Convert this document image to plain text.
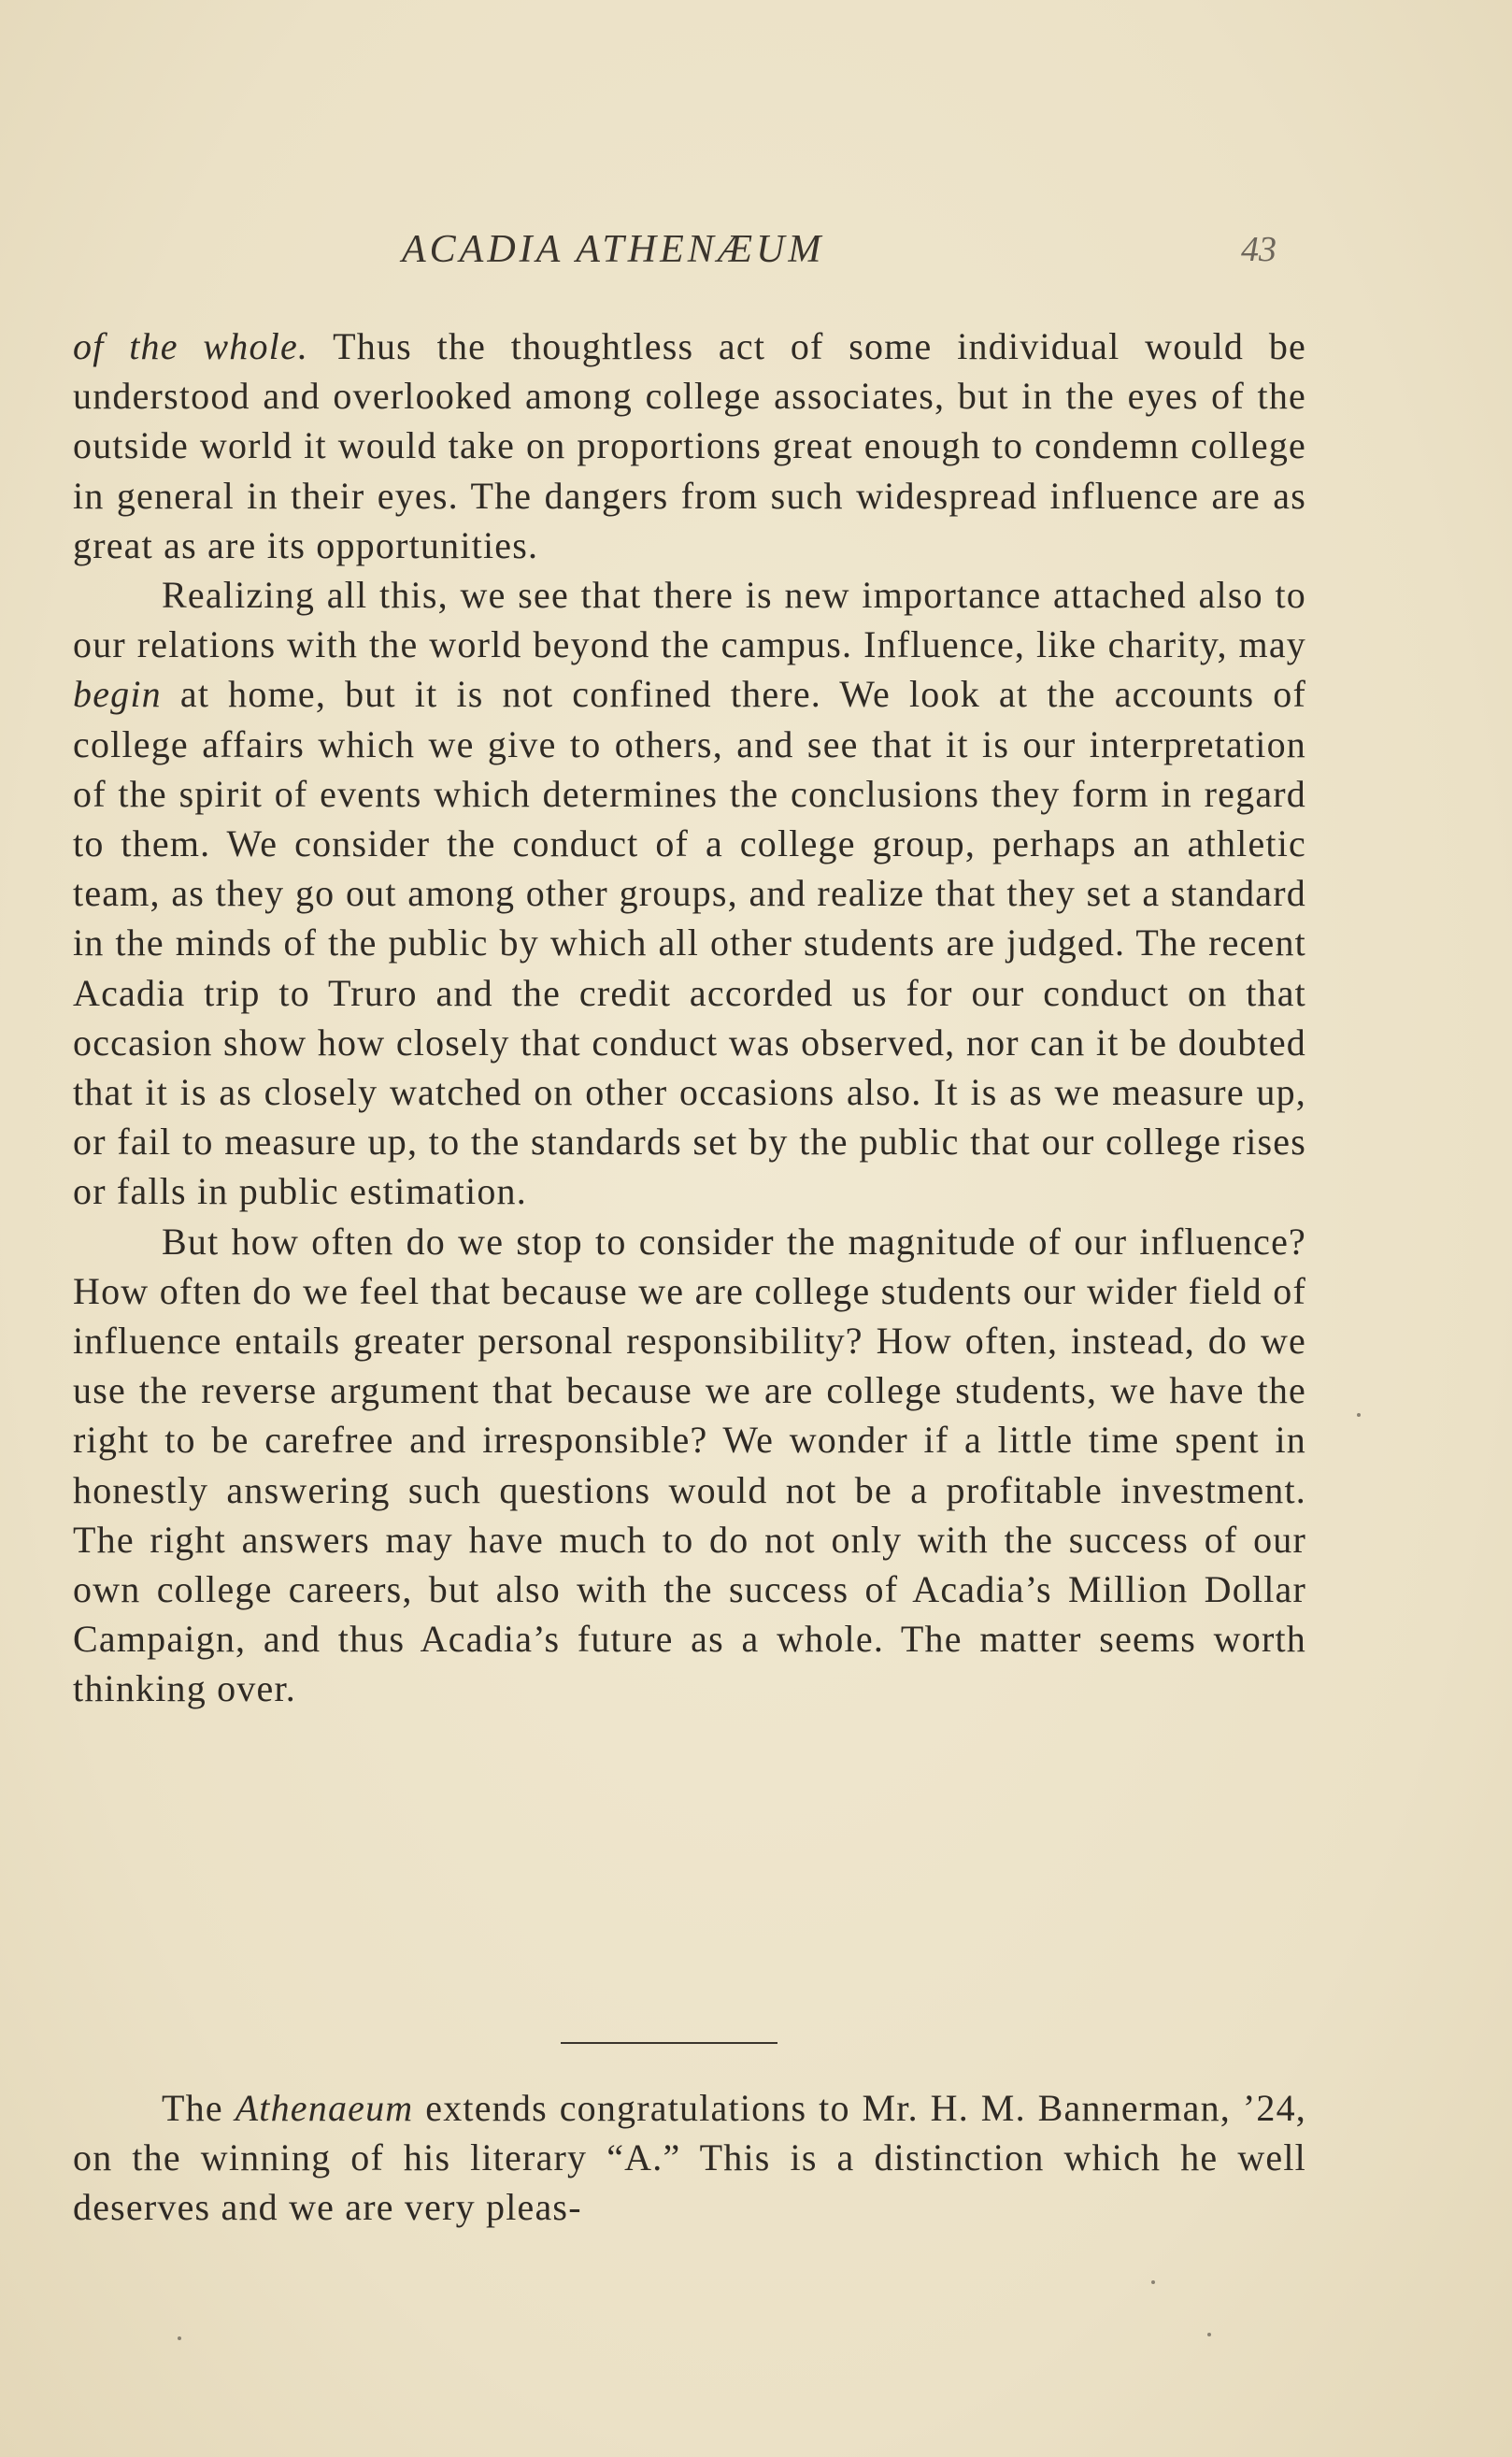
ACADIA ATHENÆUM	43

of the whole. Thus the thoughtless act of some individual would be understood and overlooked among college associates, but in the eyes of the outside world it would take on proportions great enough to condemn college in general in their eyes. The dangers from such widespread influence are as great as are its opportunities.

Realizing all this, we see that there is new importance attached also to our relations with the world beyond the campus. Influence, like charity, may begin at home, but it is not confined there. We look at the accounts of college affairs which we give to others, and see that it is our interpretation of the spirit of events which determines the conclusions they form in regard to them. We consider the conduct of a college group, perhaps an athletic team, as they go out among other groups, and realize that they set a standard in the minds of the public by which all other students are judged. The recent Acadia trip to Truro and the credit accorded us for our conduct on that occasion show how closely that conduct was observed, nor can it be doubted that it is as closely watched on other occasions also. It is as we measure up, or fail to measure up, to the standards set by the public that our college rises or falls in public estimation.

But how often do we stop to consider the magnitude of our influence? How often do we feel that because we are college students our wider field of influence entails greater personal responsibility? How often, instead, do we use the reverse argument that because we are college students, we have the right to be carefree and irresponsible? We wonder if a little time spent in honestly answering such questions would not be a profitable investment. The right answers may have much to do not only with the success of our own college careers, but also with the success of Acadia’s Million Dollar Campaign, and thus Acadia’s future as a whole. The matter seems worth thinking over.

The Athenaeum extends congratulations to Mr. H. M. Bannerman, ’24, on the winning of his literary “A.” This is a distinction which he well deserves and we are very pleas-
